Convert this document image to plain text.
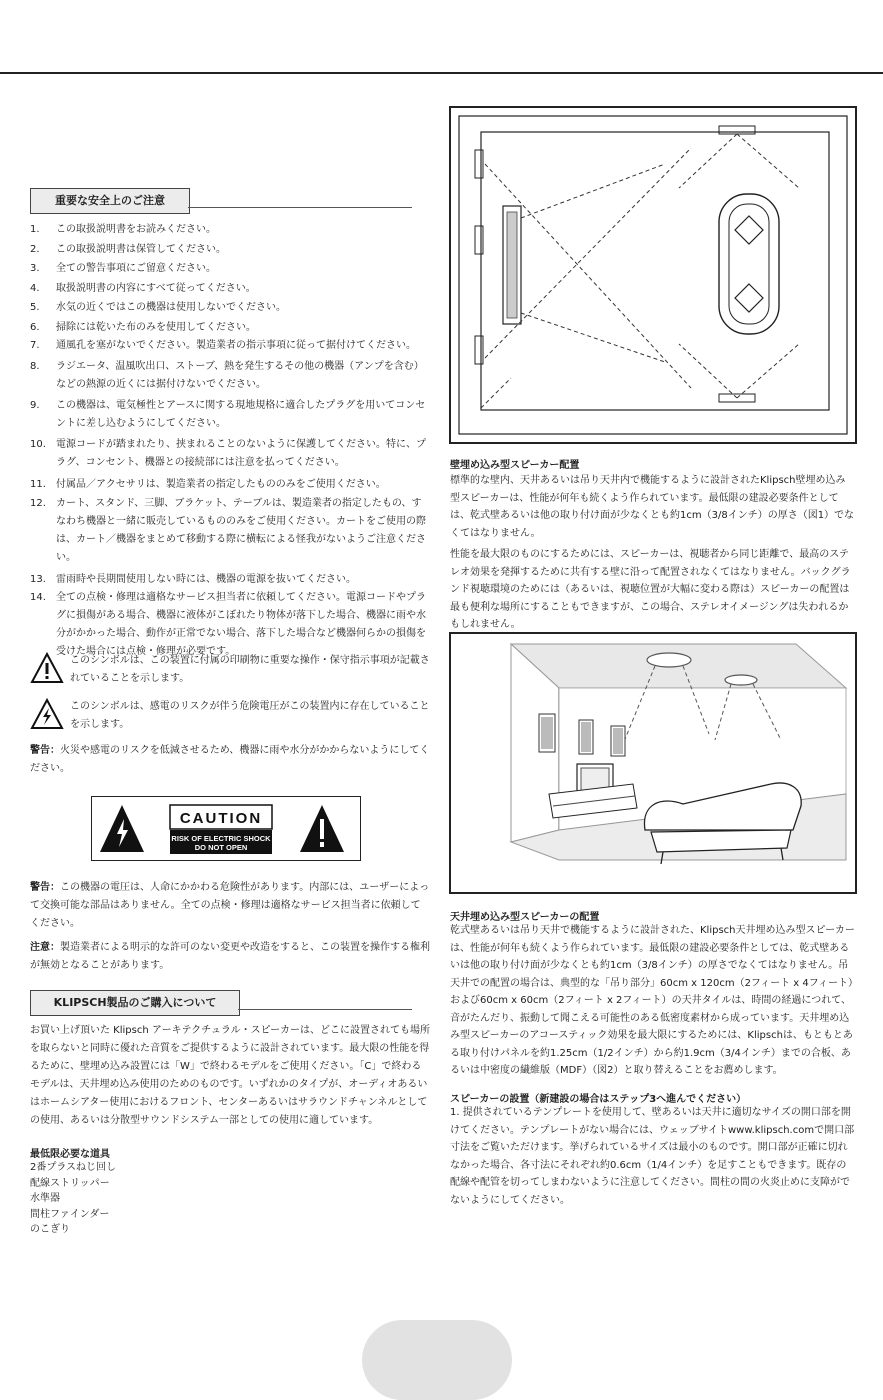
重要な安全上のご注意
1. この取扱説明書をお読みください。
2. この取扱説明書は保管してください。
3. 全ての警告事項にご留意ください。
4. 取扱説明書の内容にすべて従ってください。
5. 水気の近くではこの機器は使用しないでください。
6. 掃除には乾いた布のみを使用してください。
7. 通風孔を塞がないでください。製造業者の指示事項に従って据付けてください。
8. ラジエータ、温風吹出口、ストーブ、熱を発生するその他の機器（アンプを含む）などの熱源の近くには据付けないでください。
9. この機器は、電気極性とアースに関する現地規格に適合したプラグを用いてコンセントに差し込むようにしてください。
10. 電源コードが踏まれたり、挟まれることのないように保護してください。特に、プラグ、コンセント、機器との接続部には注意を払ってください。
11. 付属品／アクセサリは、製造業者の指定したもののみをご使用ください。
12. カート、スタンド、三脚、ブラケット、テーブルは、製造業者の指定したもの、すなわち機器と一緒に販売しているもののみをご使用ください。カートをご使用の際は、カート／機器をまとめて移動する際に横転による怪我がないようご注意ください。
13. 雷雨時や長期間使用しない時には、機器の電源を抜いてください。
14. 全ての点検・修理は適格なサービス担当者に依頼してください。電源コードやプラグに損傷がある場合、機器に液体がこぼれたり物体が落下した場合、機器に雨や水分がかかった場合、動作が正常でない場合、落下した場合など機器何らかの損傷を受けた場合には点検・修理が必要です。

このシンボルは、この装置に付属の印刷物に重要な操作・保守指示事項が記載されていることを示します。

このシンボルは、感電のリスクが伴う危険電圧がこの装置内に存在していることを示します。

警告：火災や感電のリスクを低減させるため、機器に雨や水分がかからないようにしてください。

CAUTION
RISK OF ELECTRIC SHOCK
DO NOT OPEN

警告：この機器の電圧は、人命にかかわる危険性があります。内部には、ユーザーによって交換可能な部品はありません。全ての点検・修理は適格なサービス担当者に依頼してください。

注意：製造業者による明示的な許可のない変更や改造をすると、この装置を操作する権利が無効となることがあります。

KLIPSCH製品のご購入について

お買い上げ頂いた Klipsch アーキテクチュラル・スピーカーは、どこに設置されても場所を取らないと同時に優れた音質をご提供するように設計されています。最大限の性能を得るために、壁埋め込み設置には「W」で終わるモデルをご使用ください。「C」で終わるモデルは、天井埋め込み使用のためのものです。いずれかのタイプが、オーディオあるいはホームシアター使用におけるフロント、センターあるいはサラウンドチャンネルとしての使用、あるいは分散型サウンドシステム一部としての使用に適しています。

最低限必要な道具
2番プラスねじ回し
配線ストリッパー
水準器
間柱ファインダー
のこぎり
壁埋め込み型スピーカー配置

標準的な壁内、天井あるいは吊り天井内で機能するように設計されたKlipsch壁埋め込み型スピーカーは、性能が何年も続くよう作られています。最低限の建設必要条件としては、乾式壁あるいは他の取り付け面が少なくとも約1cm（3/8インチ）の厚さ（図1）でなくてはなりません。

性能を最大限のものにするためには、スピーカーは、視聴者から同じ距離で、最高のステレオ効果を発揮するために共有する壁に沿って配置されなくてはなりません。バックグランド視聴環境のためには（あるいは、視聴位置が大幅に変わる際は）スピーカーの配置は最も便利な場所にすることもできますが、この場合、ステレオイメージングは失われるかもしれません。

天井埋め込み型スピーカーの配置

乾式壁あるいは吊り天井で機能するように設計された、Klipsch天井埋め込み型スピーカーは、性能が何年も続くよう作られています。最低限の建設必要条件としては、乾式壁あるいは他の取り付け面が少なくとも約1cm（3/8インチ）の厚さでなくてはなりません。吊天井での配置の場合は、典型的な「吊り部分」60cm x 120cm（2フィート x 4フィート）および60cm x 60cm（2フィート x 2フィート）の天井タイルは、時間の経過につれて、音がたんだり、振動して聞こえる可能性のある低密度素材から成っています。天井埋め込み型スピーカーのアコースティック効果を最大限にするためには、Klipschは、もともとある取り付けパネルを約1.25cm（1/2インチ）から約1.9cm（3/4インチ）までの合板、あるいは中密度の繊維版（MDF）（図2）と取り替えることをお薦めします。

スピーカーの設置（新建設の場合はステップ3へ進んでください）

1. 提供されているテンプレートを使用して、壁あるいは天井に適切なサイズの開口部を開けてください。テンプレートがない場合には、ウェッブサイトwww.klipsch.comで開口部寸法をご覧いただけます。挙げられているサイズは最小のものです。開口部が正確に切れなかった場合、各寸法にそれぞれ約0.6cm（1/4インチ）を足すこともできます。既存の配線や配管を切ってしまわないように注意してください。間柱の間の火炎止めに支障がでないようにしてください。
